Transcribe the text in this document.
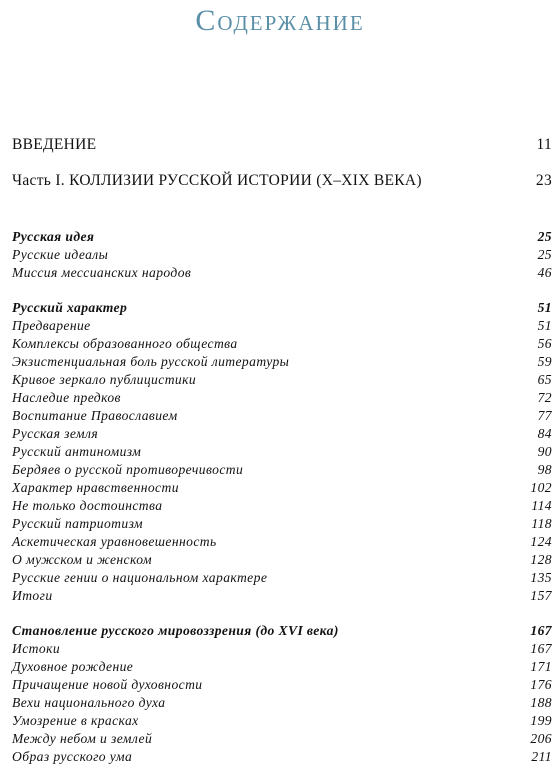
Содержание
ВВЕДЕНИЕ	11
Часть I. КОЛЛИЗИИ РУССКОЙ ИСТОРИИ (X–XIX ВЕКА)	23
Русская идея	25
Русские идеалы	25
Миссия мессианских народов	46
Русский характер	51
Предварение	51
Комплексы образованного общества	56
Экзистенциальная боль русской литературы	59
Кривое зеркало публицистики	65
Наследие предков	72
Воспитание Православием	77
Русская земля	84
Русский антиномизм	90
Бердяев о русской противоречивости	98
Характер нравственности	102
Не только достоинства	114
Русский патриотизм	118
Аскетическая уравновешенность	124
О мужском и женском	128
Русские гении о национальном характере	135
Итоги	157
Становление русского мировоззрения (до XVI века)	167
Истоки	167
Духовное рождение	171
Причащение новой духовности	176
Вехи национального духа	188
Умозрение в красках	199
Между небом и землей	206
Образ русского ума	211
